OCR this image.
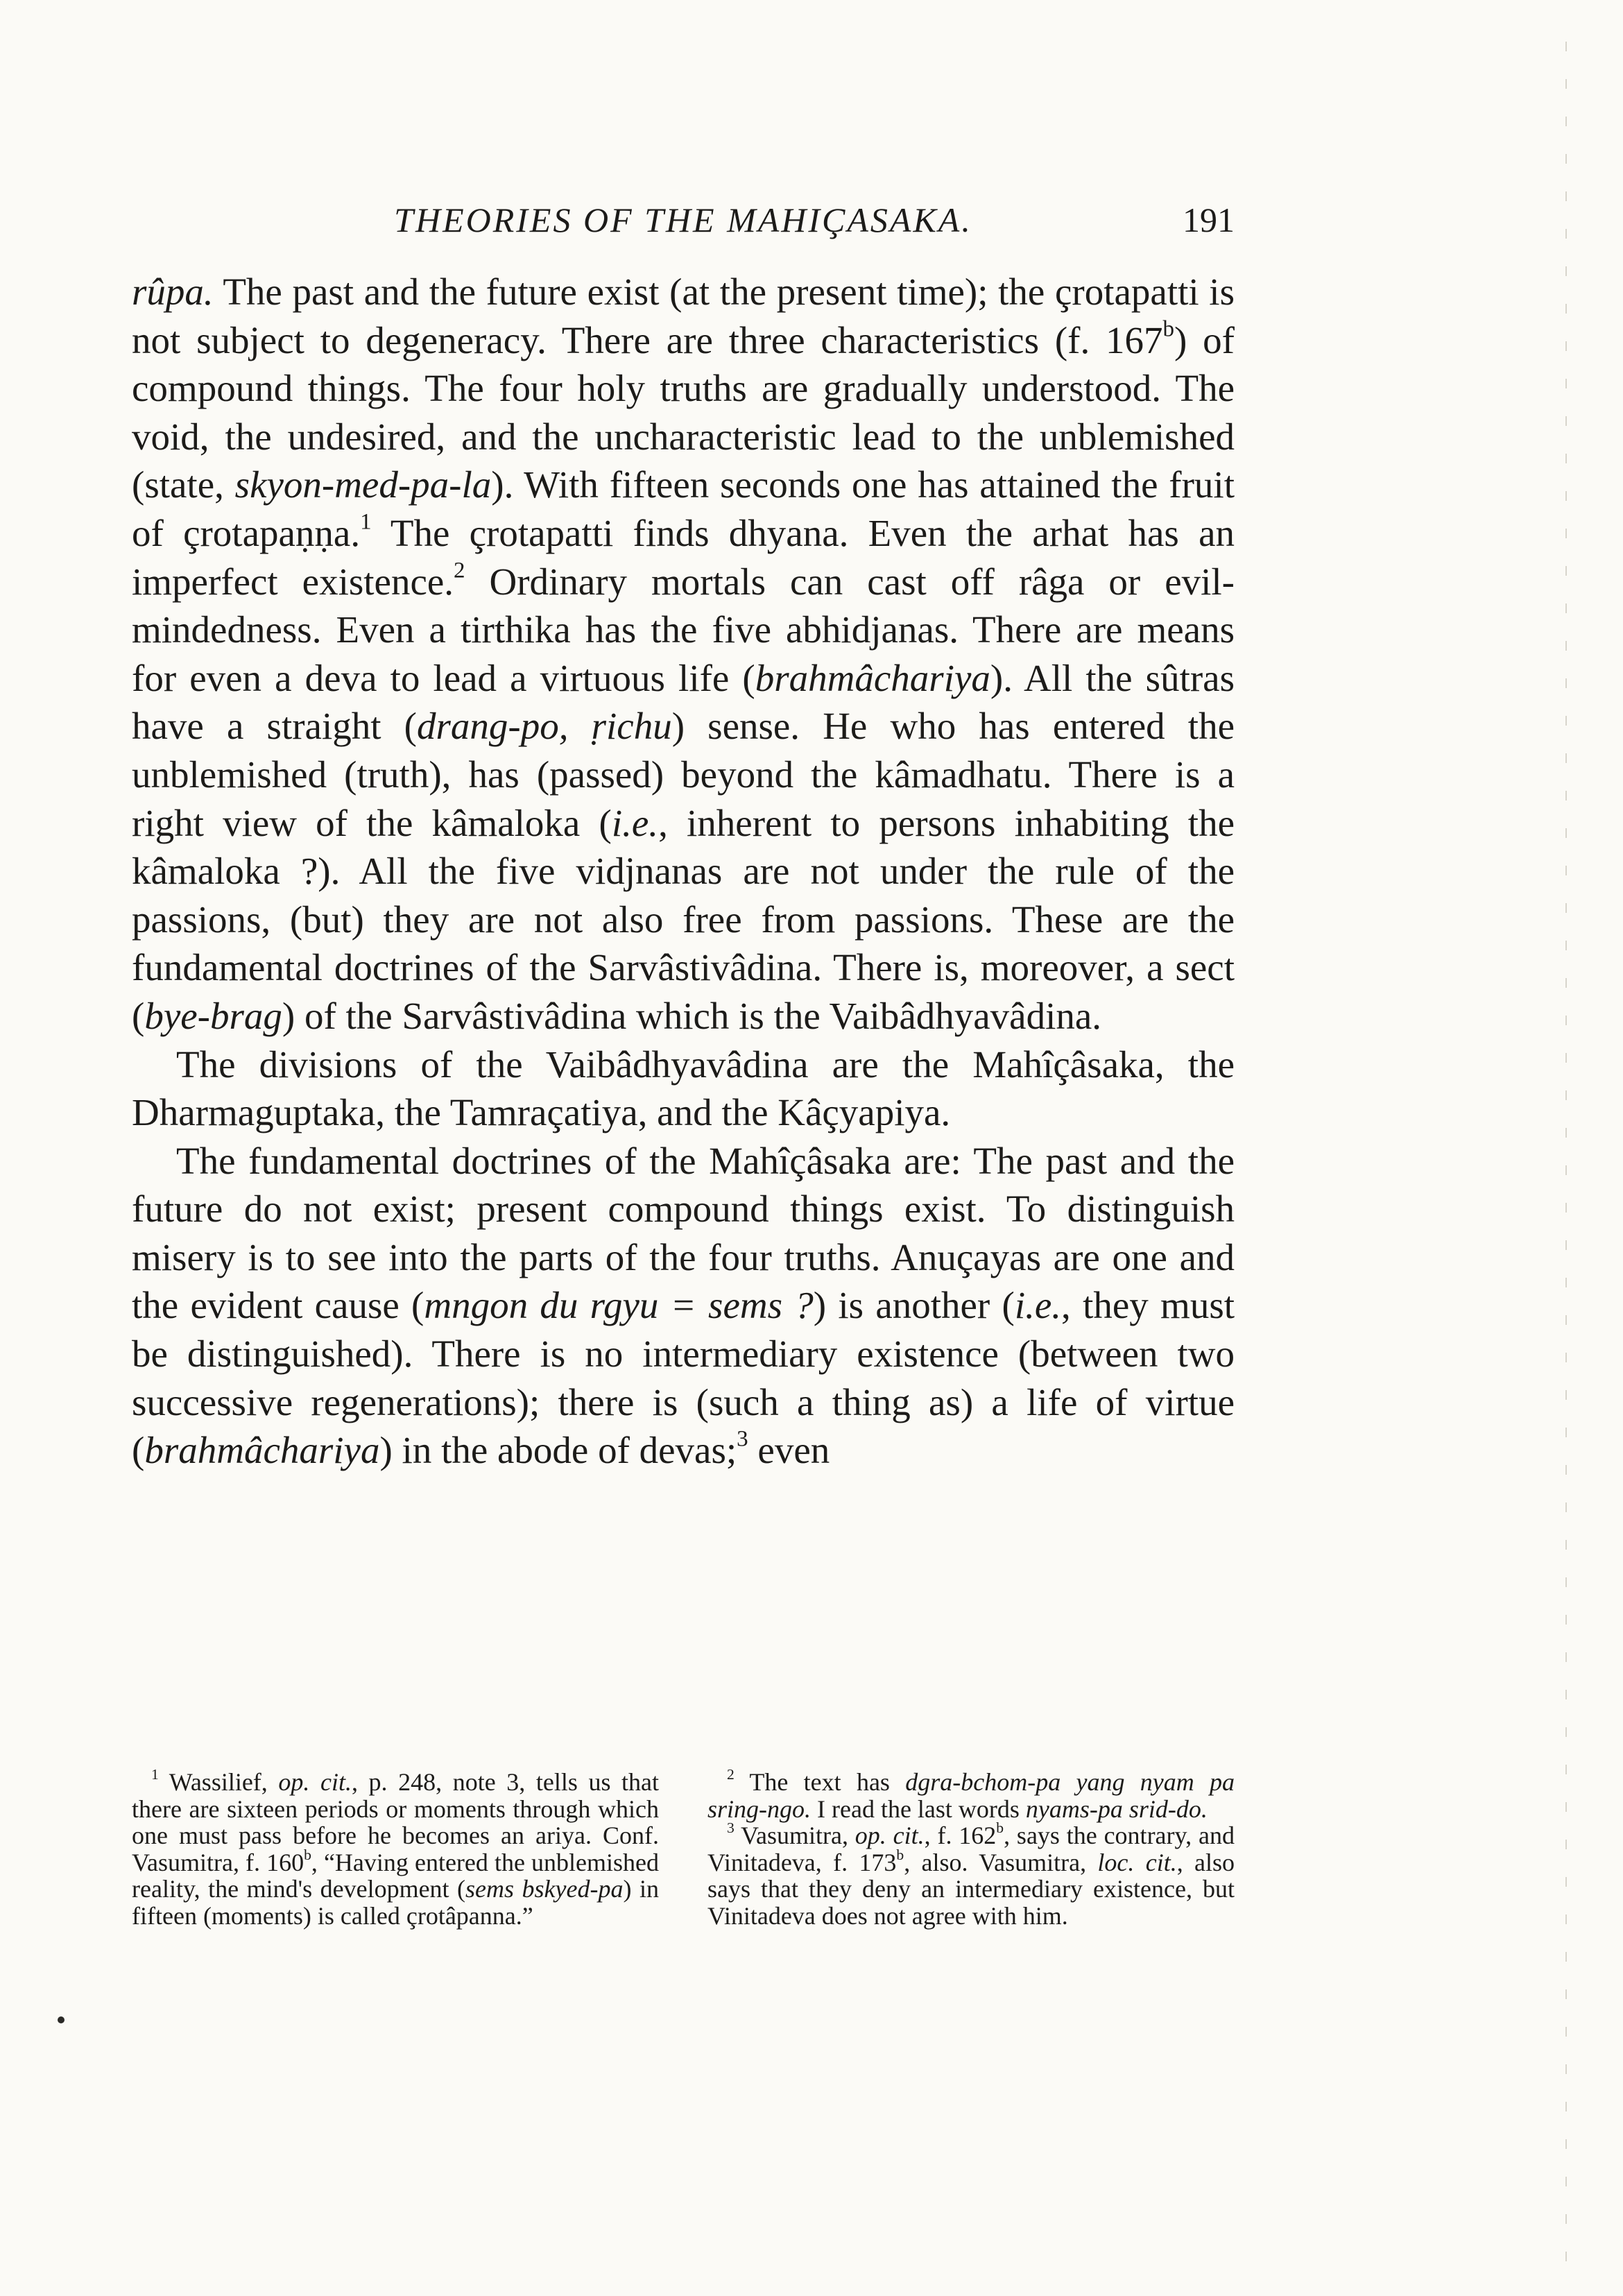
THEORIES OF THE MAHIÇASAKA.	191

rûpa. The past and the future exist (at the present time); the çrotapatti is not subject to degeneracy. There are three characteristics (f. 167$^b$) of compound things. The four holy truths are gradually understood. The void, the undesired, and the uncharacteristic lead to the unblemished (state, skyon-med-pa-la). With fifteen seconds one has attained the fruit of çrotapaṇṇa.$^1$ The çrotapatti finds dhyana. Even the arhat has an imperfect existence.$^2$ Ordinary mortals can cast off râga or evil-mindedness. Even a tirthika has the five abhidjanas. There are means for even a deva to lead a virtuous life (brahmâchariya). All the sûtras have a straight (drang-po, ṛichu) sense. He who has entered the unblemished (truth), has (passed) beyond the kâmadhatu. There is a right view of the kâmaloka (i.e., inherent to persons inhabiting the kâmaloka ?). All the five vidjnanas are not under the rule of the passions, (but) they are not also free from passions. These are the fundamental doctrines of the Sarvâstivâdina. There is, moreover, a sect (bye-brag) of the Sarvâstivâdina which is the Vaibâdhyavâdina.

The divisions of the Vaibâdhyavâdina are the Mahîçâsaka, the Dharmaguptaka, the Tamraçatiya, and the Kâçyapiya.

The fundamental doctrines of the Mahîçâsaka are: The past and the future do not exist; present compound things exist. To distinguish misery is to see into the parts of the four truths. Anuçayas are one and the evident cause (mngon du rgyu = sems ?) is another (i.e., they must be distinguished). There is no intermediary existence (between two successive regenerations); there is (such a thing as) a life of virtue (brahmâchariya) in the abode of devas;$^3$ even

$^1$ Wassilief, op. cit., p. 248, note 3, tells us that there are sixteen periods or moments through which one must pass before he becomes an ariya. Conf. Vasumitra, f. 160$^b$, “Having entered the unblemished reality, the mind's development (sems bskyed-pa) in fifteen (moments) is called çrotâpanna.”

$^2$ The text has dgra-bchom-pa yang nyam pa sring-ngo. I read the last words nyams-pa srid-do.

$^3$ Vasumitra, op. cit., f. 162$^b$, says the contrary, and Vinitadeva, f. 173$^b$, also. Vasumitra, loc. cit., also says that they deny an intermediary existence, but Vinitadeva does not agree with him.
